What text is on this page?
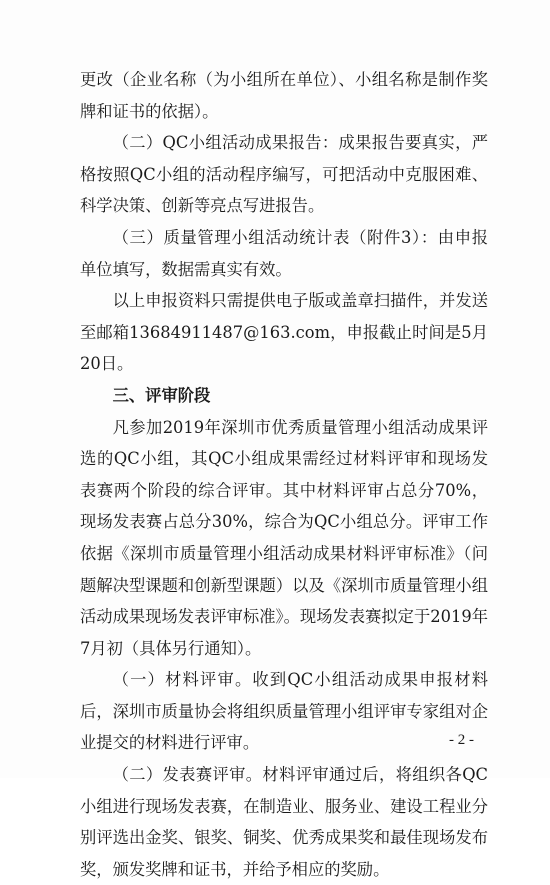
更改（企业名称（为小组所在单位）、小组名称是制作奖牌和证书的依据）。

（二）QC小组活动成果报告：成果报告要真实，严格按照QC小组的活动程序编写，可把活动中克服困难、科学决策、创新等亮点写进报告。

（三）质量管理小组活动统计表（附件3）：由申报单位填写，数据需真实有效。

以上申报资料只需提供电子版或盖章扫描件，并发送至邮箱13684911487@163.com，申报截止时间是5月20日。

三、评审阶段

凡参加2019年深圳市优秀质量管理小组活动成果评选的QC小组，其QC小组成果需经过材料评审和现场发表赛两个阶段的综合评审。其中材料评审占总分70%，现场发表赛占总分30%，综合为QC小组总分。评审工作依据《深圳市质量管理小组活动成果材料评审标准》（问题解决型课题和创新型课题）以及《深圳市质量管理小组活动成果现场发表评审标准》。现场发表赛拟定于2019年7月初（具体另行通知）。

（一）材料评审。收到QC小组活动成果申报材料后，深圳市质量协会将组织质量管理小组评审专家组对企业提交的材料进行评审。

（二）发表赛评审。材料评审通过后，将组织各QC小组进行现场发表赛，在制造业、服务业、建设工程业分别评选出金奖、银奖、铜奖、优秀成果奖和最佳现场发布奖，颁发奖牌和证书，并给予相应的奖励。

- 2 -
